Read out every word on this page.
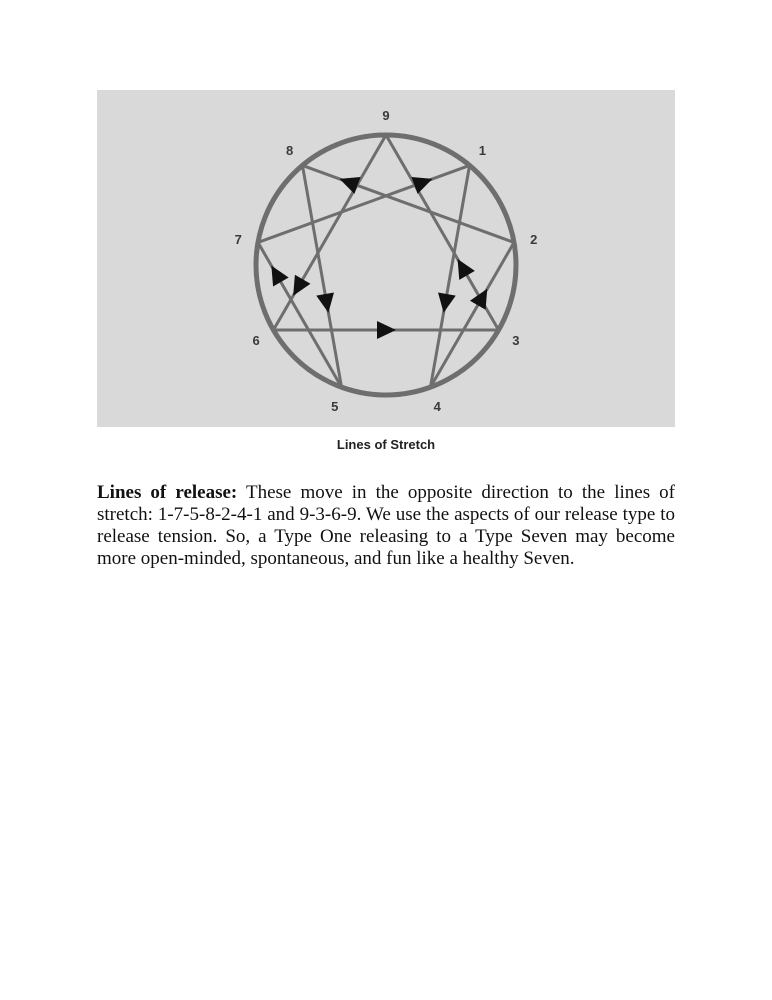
9
1
2
3
4
5
6
7
8
Lines of Stretch

Lines of release: These move in the opposite direction to the lines of stretch: 1-7-5-8-2-4-1 and 9-3-6-9. We use the aspects of our release type to release tension. So, a Type One releasing to a Type Seven may become more open-minded, spontaneous, and fun like a healthy Seven.
